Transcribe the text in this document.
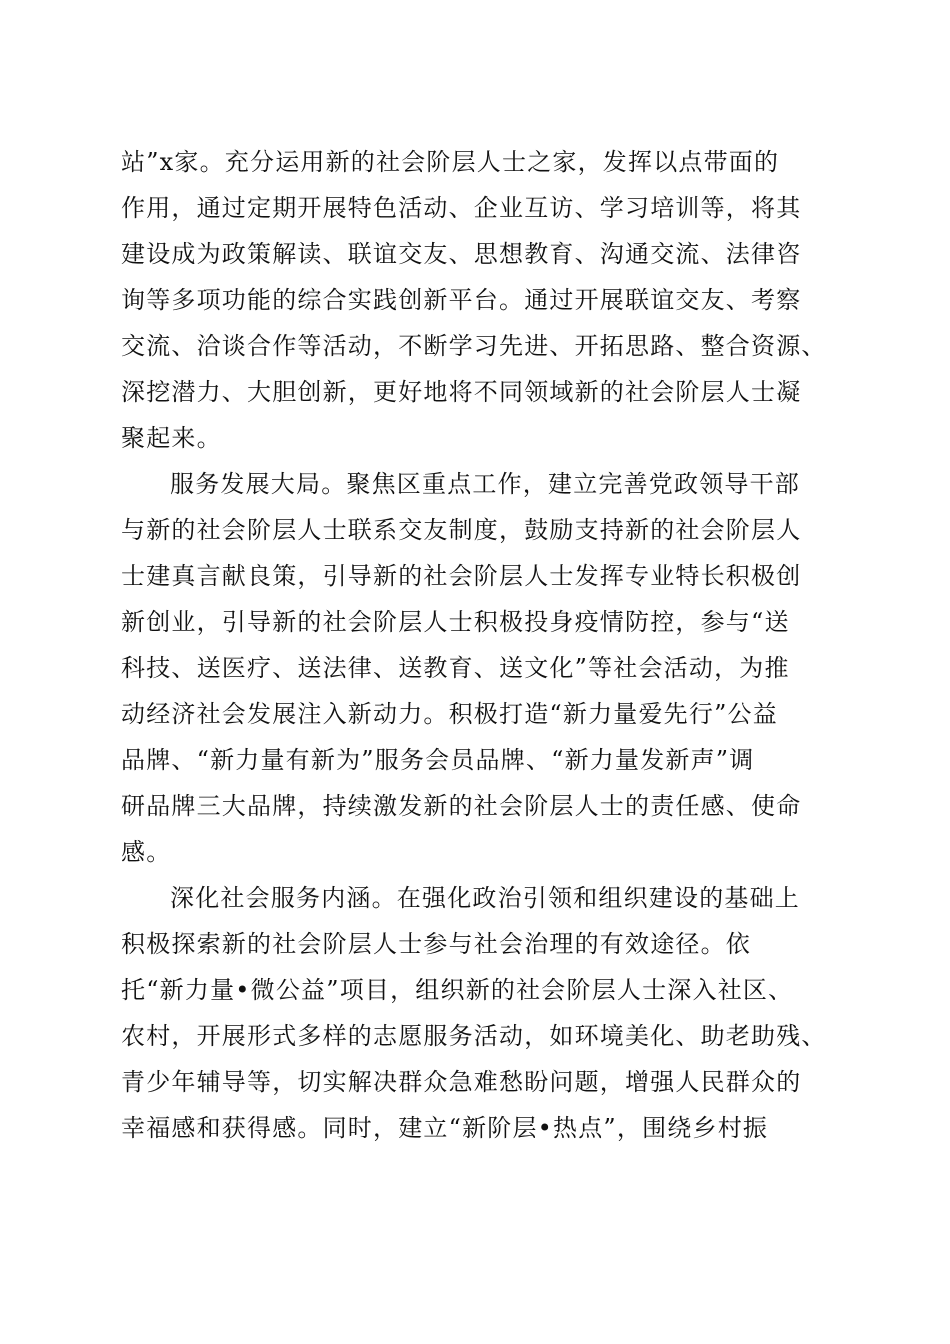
站”x家。充分运用新的社会阶层人士之家，发挥以点带面的
作用，通过定期开展特色活动、企业互访、学习培训等，将其
建设成为政策解读、联谊交友、思想教育、沟通交流、法律咨
询等多项功能的综合实践创新平台。通过开展联谊交友、考察
交流、洽谈合作等活动，不断学习先进、开拓思路、整合资源、
深挖潜力、大胆创新，更好地将不同领域新的社会阶层人士凝
聚起来。
服务发展大局。聚焦区重点工作，建立完善党政领导干部
与新的社会阶层人士联系交友制度，鼓励支持新的社会阶层人
士建真言献良策，引导新的社会阶层人士发挥专业特长积极创
新创业，引导新的社会阶层人士积极投身疫情防控，参与“送
科技、送医疗、送法律、送教育、送文化”等社会活动，为推
动经济社会发展注入新动力。积极打造“新力量爱先行”公益
品牌、“新力量有新为”服务会员品牌、“新力量发新声”调
研品牌三大品牌，持续激发新的社会阶层人士的责任感、使命
感。
深化社会服务内涵。在强化政治引领和组织建设的基础上
积极探索新的社会阶层人士参与社会治理的有效途径。依
托“新力量•微公益”项目，组织新的社会阶层人士深入社区、
农村，开展形式多样的志愿服务活动，如环境美化、助老助残、
青少年辅导等，切实解决群众急难愁盼问题，增强人民群众的
幸福感和获得感。同时，建立“新阶层•热点”，围绕乡村振
